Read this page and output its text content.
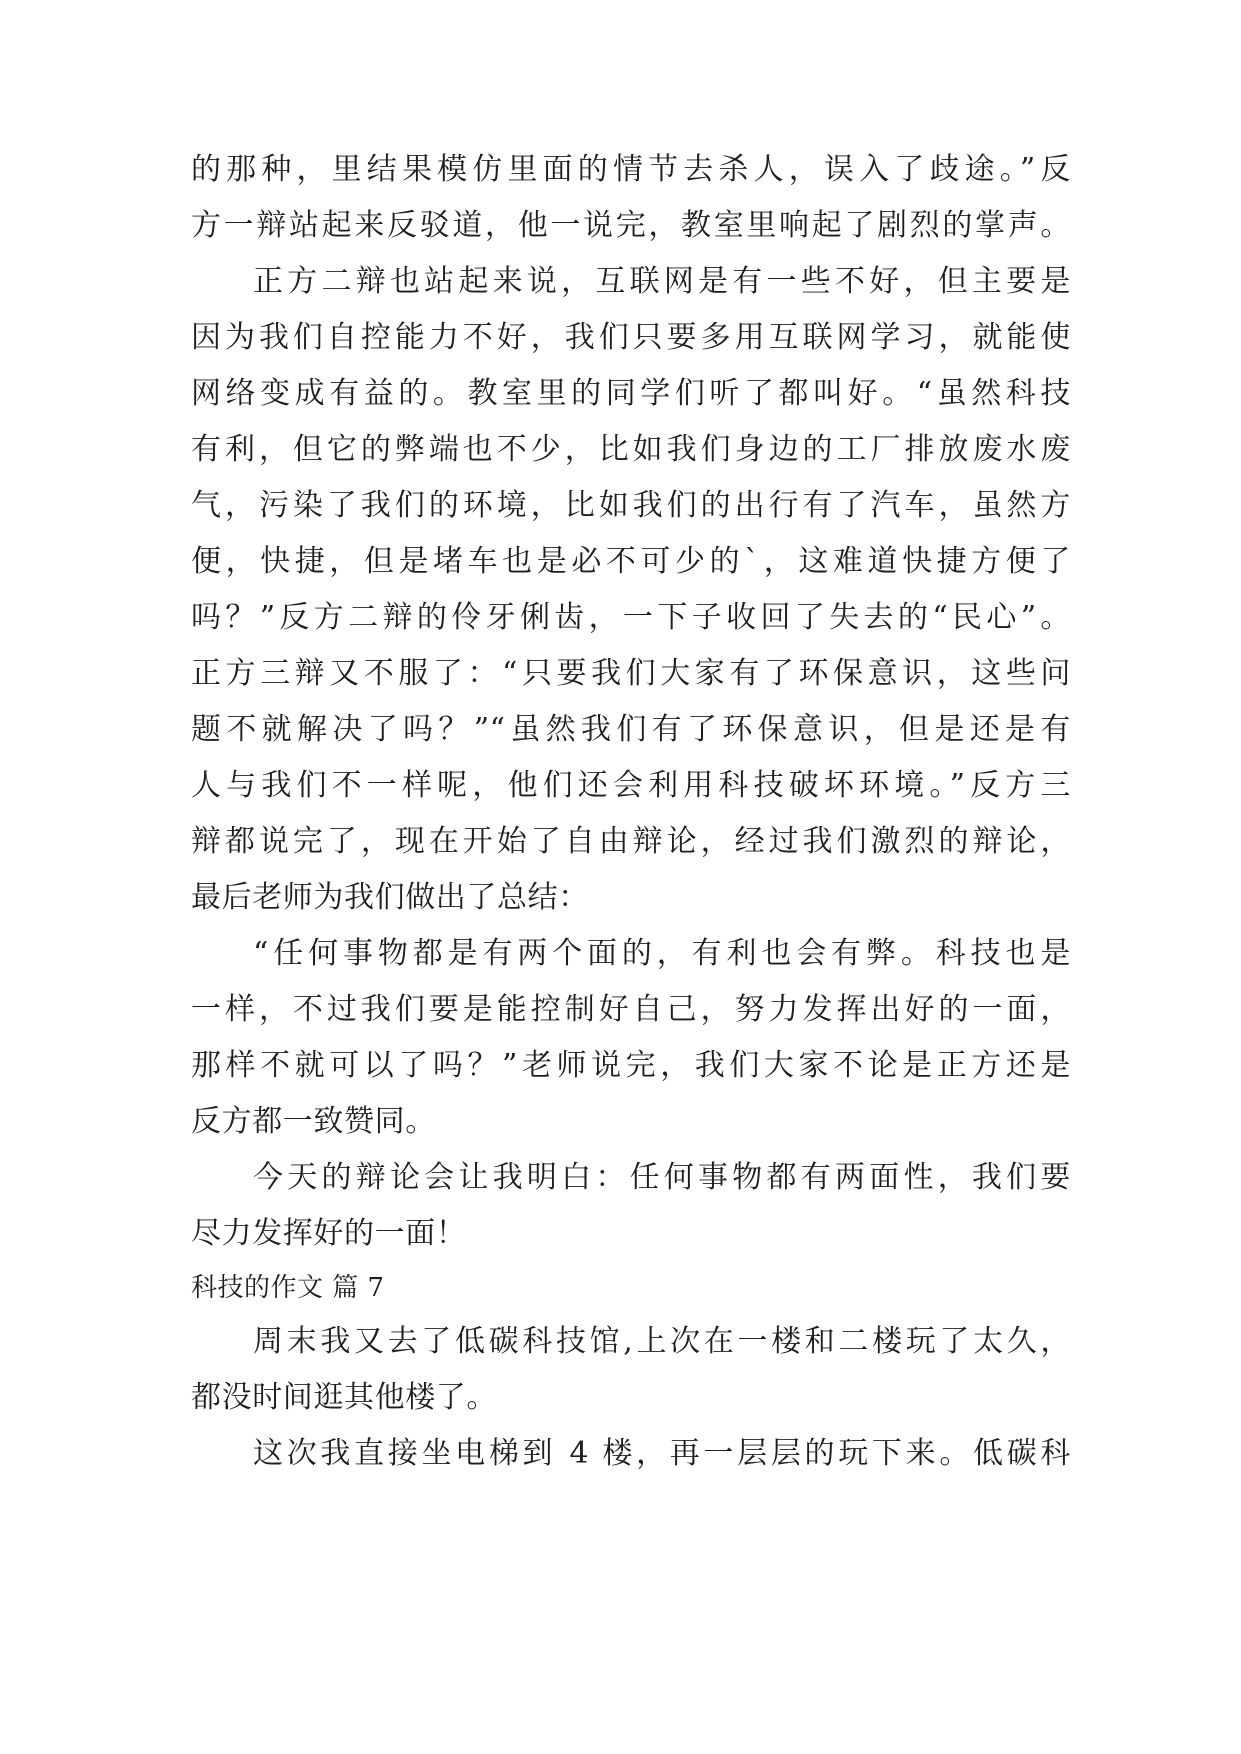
的那种，里结果模仿里面的情节去杀人，误入了歧途。”反
方一辩站起来反驳道，他一说完，教室里响起了剧烈的掌声。
正方二辩也站起来说，互联网是有一些不好，但主要是
因为我们自控能力不好，我们只要多用互联网学习，就能使
网络变成有益的。教室里的同学们听了都叫好。“虽然科技
有利，但它的弊端也不少，比如我们身边的工厂排放废水废
气，污染了我们的环境，比如我们的出行有了汽车，虽然方
便，快捷，但是堵车也是必不可少的`，这难道快捷方便了
吗？”反方二辩的伶牙俐齿，一下子收回了失去的“民心”。
正方三辩又不服了：“只要我们大家有了环保意识，这些问
题不就解决了吗？”“虽然我们有了环保意识，但是还是有
人与我们不一样呢，他们还会利用科技破坏环境。”反方三
辩都说完了，现在开始了自由辩论，经过我们激烈的辩论，
最后老师为我们做出了总结：
“任何事物都是有两个面的，有利也会有弊。科技也是
一样，不过我们要是能控制好自己，努力发挥出好的一面，
那样不就可以了吗？”老师说完，我们大家不论是正方还是
反方都一致赞同。
今天的辩论会让我明白：任何事物都有两面性，我们要
尽力发挥好的一面！
科技的作文 篇 7
周末我又去了低碳科技馆,上次在一楼和二楼玩了太久，
都没时间逛其他楼了。
这次我直接坐电梯到 4 楼，再一层层的玩下来。低碳科
